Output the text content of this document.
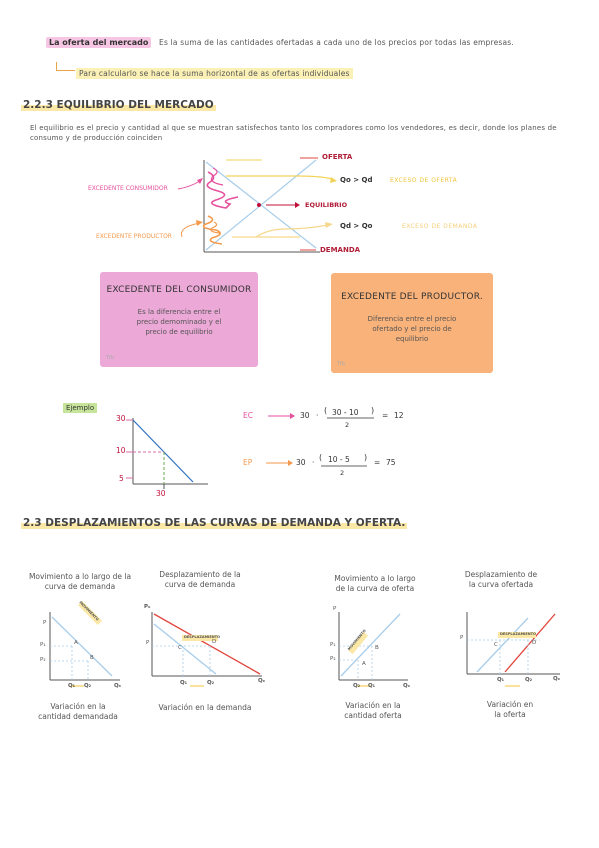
La oferta del mercado	Es la suma de las cantidades ofertadas a cada uno de los precios por todas las empresas.
Para calcularlo se hace la suma horizontal de as ofertas individuales
2.2.3 EQUILIBRIO DEL MERCADO
El equilibrio es el precio y cantidad al que se muestran satisfechos tanto los compradores como los vendedores, es decir, donde los planes de consumo y de producción coinciden
OFERTA
DEMANDA
EQUILIBRIO
Qo > Qd	EXCESO DE OFERTA
Qd > Qo	EXCESO DE DEMANDA
EXCEDENTE CONSUMIDOR
EXCEDENTE PRODUCTOR
EXCEDENTE DEL CONSUMIDOR
Es la diferencia entre el
precio demominado y el
precio de equilibrio
Tfb
EXCEDENTE DEL PRODUCTOR.
Diferencia entre el precio
ofertado y el precio de
equilibrio
Tfb
Ejemplo
30
10
5
30
EC	30 ·
( 30 - 10 )
2
= 12
EP	30 ·
( 10 - 5 )
2
= 75
2.3 DESPLAZAMIENTOS DE LAS CURVAS DE DEMANDA Y OFERTA.
Movimiento a lo largo de la
curva de demanda
Desplazamiento de la
curva de demanda
Movimiento a lo largo
de la curva de oferta
Desplazamiento de
la curva ofertada
P
P₁
P₂
Q₁ Q₂	Qₓ
A
B
MOVIMIENTO	Pₓ
P
Q₁	Q₂	Qₓ
C
D
DESPLAZAMIENTO
P
P₁
P₂
Q₂ Q₁	Qₓ
A
B
MOVIMIENTO	P
Q₁	Q₂	Qₓ
C	D
DESPLAZAMIENTO
Variación en la
cantidad demandada
Variación en la demanda	Variación en la
cantidad oferta
Variación en
la oferta
